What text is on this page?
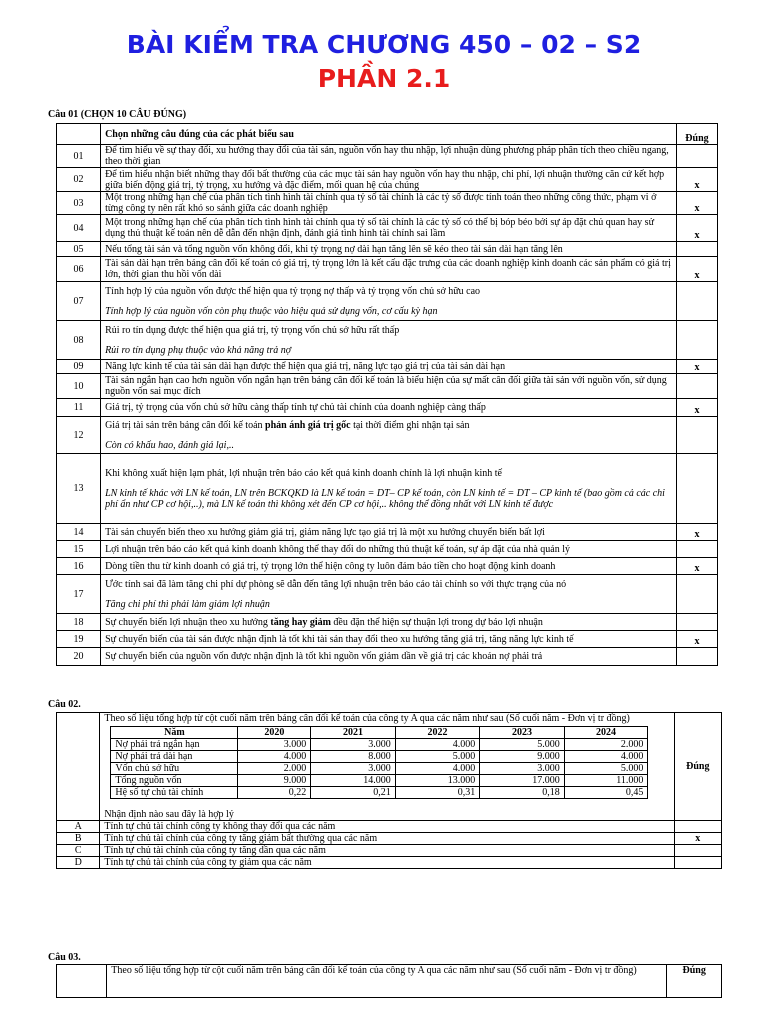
BÀI KIỂM TRA CHƯƠNG 450 – 02 – S2
PHẦN 2.1
Câu 01 (CHỌN 10 CÂU ĐÚNG)
	Chọn những câu đúng của các phát biểu sau	Đúng
01	Để tìm hiểu về sự thay đổi, xu hướng thay đổi của tài sản, nguồn vốn hay thu nhập, lợi nhuận dùng phương pháp phân tích theo chiều ngang, theo thời gian	
02	Để tìm hiểu nhận biết những thay đổi bất thường của các mục tài sản hay nguồn vốn hay thu nhập, chi phí, lợi nhuận thường căn cứ kết hợp giữa biến động giá trị, tỷ trọng, xu hướng và đặc điểm, mối quan hệ của chúng	x
03	Một trong những hạn chế của phân tích tình hình tài chính qua tỷ số tài chính là các tỷ số được tính toán theo những công thức, phạm vi ở từng công ty nên rất khó so sánh giữa các doanh nghiệp	x
04	Một trong những hạn chế của phân tích tình hình tài chính qua tỷ số tài chính là các tỷ số có thể bị bóp béo bởi sự áp đặt chủ quan hay sử dụng thủ thuật kế toán nên dễ dẫn đến nhận định, đánh giá tình hình tài chính sai lầm	x
05	Nếu tổng tài sản và tổng nguồn vốn không đổi, khi tỷ trọng nợ dài hạn tăng lên sẽ kéo theo tài sản dài hạn tăng lên	
06	Tài sản dài hạn trên bảng cân đối kế toán có giá trị, tỷ trọng lớn là kết cấu đặc trưng của các doanh nghiệp kinh doanh các sản phẩm có giá trị lớn, thời gian thu hồi vốn dài	x
07	Tính hợp lý của nguồn vốn được thể hiện qua tỷ trọng nợ thấp và tỷ trọng vốn chủ sở hữu cao
Tính hợp lý của nguồn vốn còn phụ thuộc vào hiệu quả sử dụng vốn, cơ cấu kỳ hạn	

08	Rủi ro tín dụng được thể hiện qua giá trị, tỷ trọng vốn chủ sở hữu rất thấp
Rủi ro tín dụng phụ thuộc vào khả năng trả nợ	

09	Năng lực kinh tế của tài sản dài hạn được thể hiện qua giá trị, năng lực tạo giá trị của tài sản dài hạn	x
10	Tài sản ngắn hạn cao hơn nguồn vốn ngắn hạn trên bảng cân đối kế toán là biểu hiện của sự mất cân đối giữa tài sản với nguồn vốn, sử dụng nguồn vốn sai mục đích	
11	Giá trị, tỷ trọng của vốn chủ sở hữu càng thấp tính tự chủ tài chính của doanh nghiệp càng thấp	x
12	Giá trị tài sản trên bảng cân đối kế toán phản ánh giá trị gốc tại thời điểm ghi nhận tại sản
Còn có khấu hao, đánh giá lại,..	

13	Khi không xuất hiện lạm phát, lợi nhuận trên báo cáo kết quả kinh doanh chính là lợi nhuận kinh tế
LN kinh tế khác với LN kế toán, LN trên BCKQKD là LN kế toán = DT– CP kế toán, còn LN kinh tế = DT – CP kinh tế (bao gồm cả các chi phí ẩn như CP cơ hội,..), mà LN kế toán thì không xét đến CP cơ hội,.. không thể đồng nhất với LN kinh tế được	

14	Tài sản chuyển biến theo xu hướng giảm giá trị, giảm năng lực tạo giá trị là một xu hướng chuyển biến bất lợi	x
15	Lợi nhuận trên báo cáo kết quả kinh doanh không thể thay đổi do những thủ thuật kế toán, sự áp đặt của nhà quản lý	
16	Dòng tiền thu từ kinh doanh có giá trị, tỷ trọng lớn thể hiện công ty luôn đảm bảo tiền cho hoạt động kinh doanh	x
17	Ước tính sai đã làm tăng chi phí dự phòng sẽ dẫn đến tăng lợi nhuận trên báo cáo tài chính so với thực trạng của nó
Tăng chi phí thì phải làm giảm lợi nhuận	

18	Sự chuyển biến lợi nhuận theo xu hướng tăng hay giảm đều đặn thể hiện sự thuận lợi trong dự báo lợi nhuận	
19	Sự chuyển biến của tài sản được nhận định là tốt khi tài sản thay đổi theo xu hướng tăng giá trị, tăng năng lực kinh tế	x
20	Sự chuyển biến của nguồn vốn được nhận định là tốt khi nguồn vốn giảm dần về giá trị các khoản nợ phải trả	
Câu 02.

Theo số liệu tổng hợp từ cột cuối năm trên bảng cân đối kế toán của công ty A qua các năm như sau (Số cuối năm - Đơn vị tr đồng)
Năm	2020	2021	2022	2023	2024
Nợ phải trả ngắn hạn	3.000	3.000	4.000	5.000	2.000
Nợ phải trả dài hạn	4.000	8.000	5.000	9.000	4.000
Vốn chủ sở hữu	2.000	3.000	4.000	3.000	5.000
Tổng nguồn vốn	9.000	14.000	13.000	17.000	11.000
Hệ số tự chủ tài chính	0,22	0,21	0,31	0,18	0,45
Nhận định nào sau đây là hợp lý
	Đúng
A	Tính tự chủ tài chính công ty không thay đổi qua các năm	
B	Tính tự chủ tài chính của công ty tăng giảm bất thường qua các năm	x
C	Tính tự chủ tài chính của công ty tăng dần qua các năm	
D	Tính tự chủ tài chính của công ty giảm qua các năm	
Câu 03.
	Theo số liệu tổng hợp từ cột cuối năm trên bảng cân đối kế toán của công ty A qua các năm như sau (Số cuối năm - Đơn vị tr đồng)	Đúng
